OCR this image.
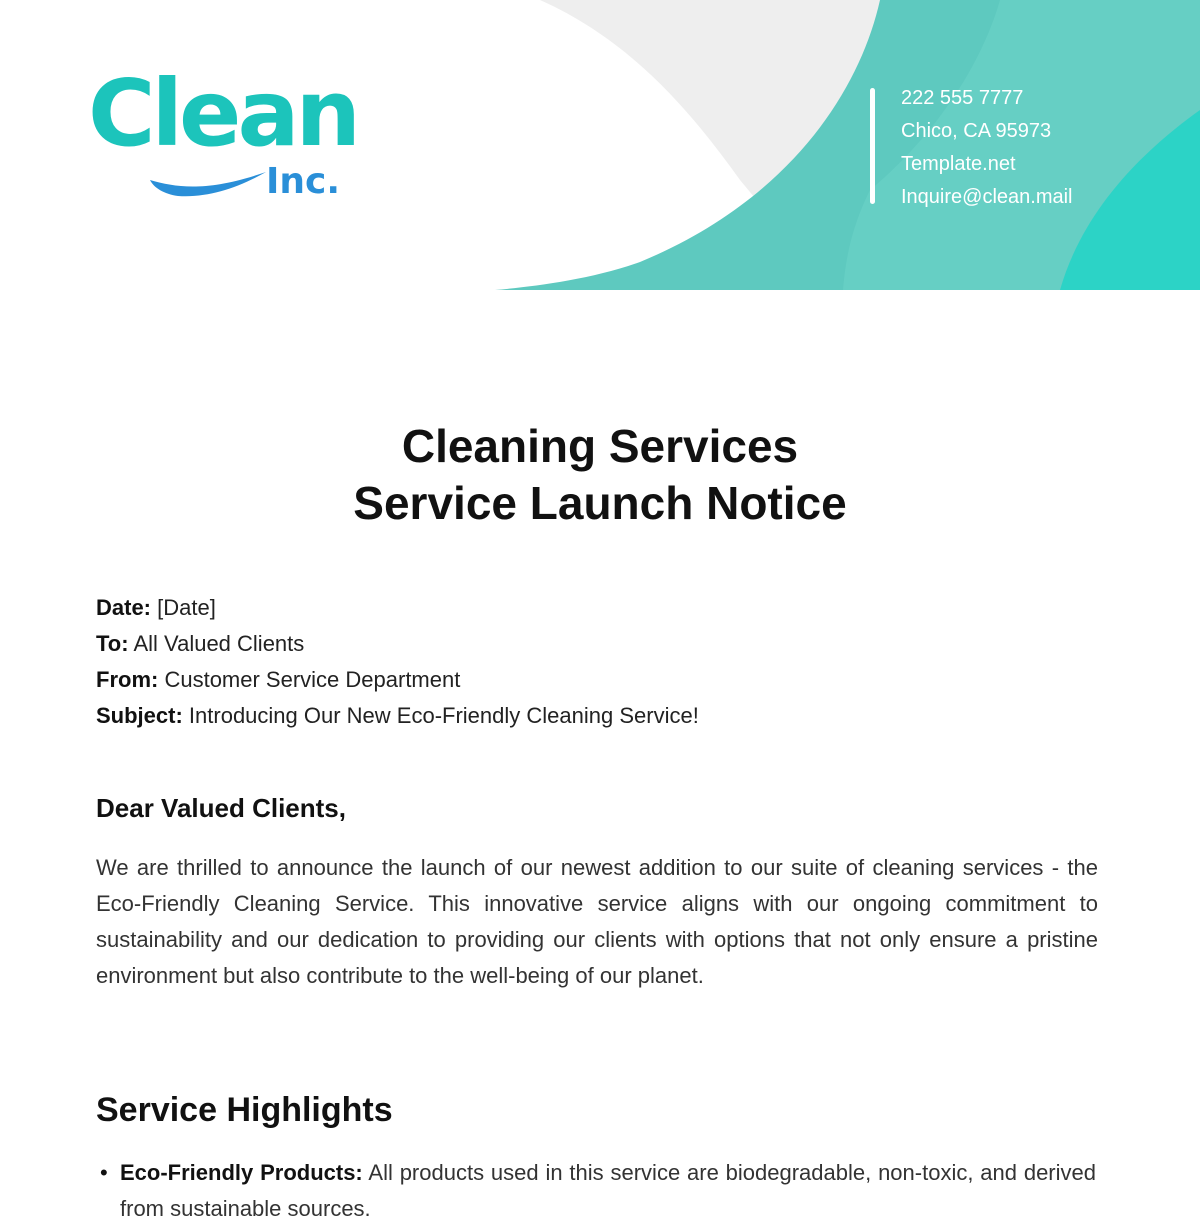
Clean
Inc.
222 555 7777
Chico, CA 95973
Template.net
Inquire@clean.mail
Cleaning Services
Service Launch Notice
Date: [Date]
To: All Valued Clients
From: Customer Service Department
Subject: Introducing Our New Eco-Friendly Cleaning Service!
Dear Valued Clients,

We are thrilled to announce the launch of our newest addition to our suite of cleaning services - the Eco-Friendly Cleaning Service. This innovative service aligns with our ongoing commitment to sustainability and our dedication to providing our clients with options that not only ensure a pristine environment but also contribute to the well-being of our planet.

Service Highlights
• Eco-Friendly Products: All products used in this service are biodegradable, non-toxic, and derived from sustainable sources.
